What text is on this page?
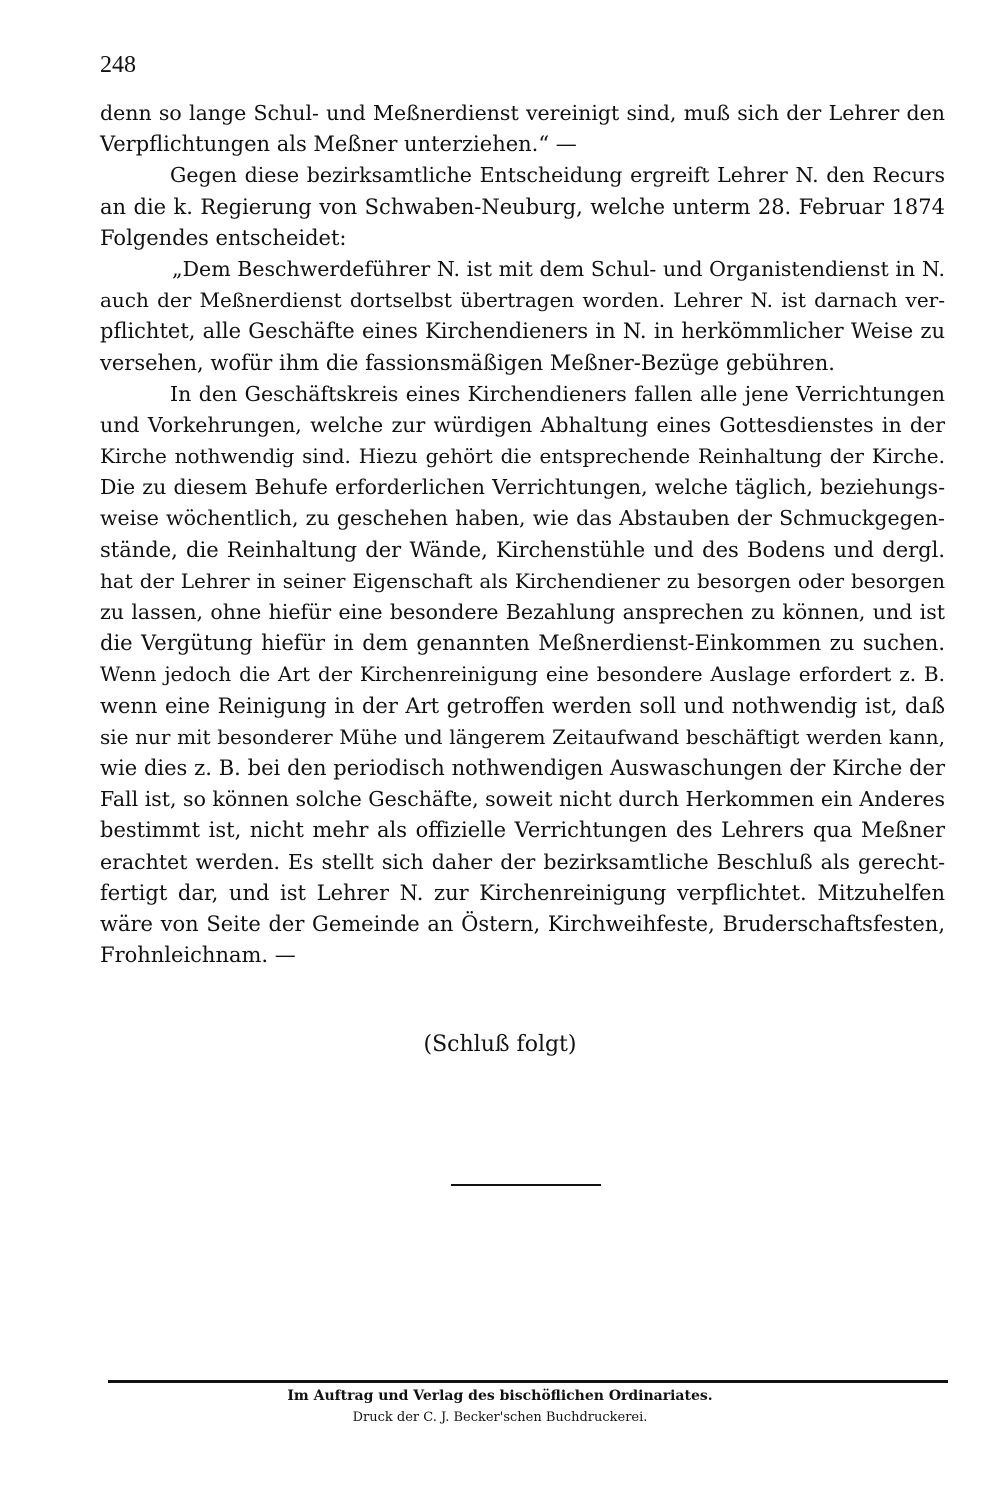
248
denn so lange Schul- und Meßnerdienst vereinigt sind, muß sich der Lehrer den
Verpflichtungen als Meßner unterziehen.“ —
Gegen diese bezirksamtliche Entscheidung ergreift Lehrer N. den Recurs
an die k. Regierung von Schwaben-Neuburg, welche unterm 28. Februar 1874
Folgendes entscheidet:
„Dem Beschwerdeführer N. ist mit dem Schul- und Organistendienst in N.
auch der Meßnerdienst dortselbst übertragen worden. Lehrer N. ist darnach ver-
pflichtet, alle Geschäfte eines Kirchendieners in N. in herkömmlicher Weise zu
versehen, wofür ihm die fassionsmäßigen Meßner-Bezüge gebühren.
In den Geschäftskreis eines Kirchendieners fallen alle jene Verrichtungen
und Vorkehrungen, welche zur würdigen Abhaltung eines Gottesdienstes in der
Kirche nothwendig sind. Hiezu gehört die entsprechende Reinhaltung der Kirche.
Die zu diesem Behufe erforderlichen Verrichtungen, welche täglich, beziehungs-
weise wöchentlich, zu geschehen haben, wie das Abstauben der Schmuckgegen-
stände, die Reinhaltung der Wände, Kirchenstühle und des Bodens und dergl.
hat der Lehrer in seiner Eigenschaft als Kirchendiener zu besorgen oder besorgen
zu lassen, ohne hiefür eine besondere Bezahlung ansprechen zu können, und ist
die Vergütung hiefür in dem genannten Meßnerdienst-Einkommen zu suchen.
Wenn jedoch die Art der Kirchenreinigung eine besondere Auslage erfordert z. B.
wenn eine Reinigung in der Art getroffen werden soll und nothwendig ist, daß
sie nur mit besonderer Mühe und längerem Zeitaufwand beschäftigt werden kann,
wie dies z. B. bei den periodisch nothwendigen Auswaschungen der Kirche der
Fall ist, so können solche Geschäfte, soweit nicht durch Herkommen ein Anderes
bestimmt ist, nicht mehr als offizielle Verrichtungen des Lehrers qua Meßner
erachtet werden. Es stellt sich daher der bezirksamtliche Beschluß als gerecht-
fertigt dar, und ist Lehrer N. zur Kirchenreinigung verpflichtet. Mitzuhelfen
wäre von Seite der Gemeinde an Östern, Kirchweihfeste, Bruderschaftsfesten,
Frohnleichnam. —
(Schluß folgt)
Im Auftrag und Verlag des bischöflichen Ordinariates.
Druck der C. J. Becker'schen Buchdruckerei.
